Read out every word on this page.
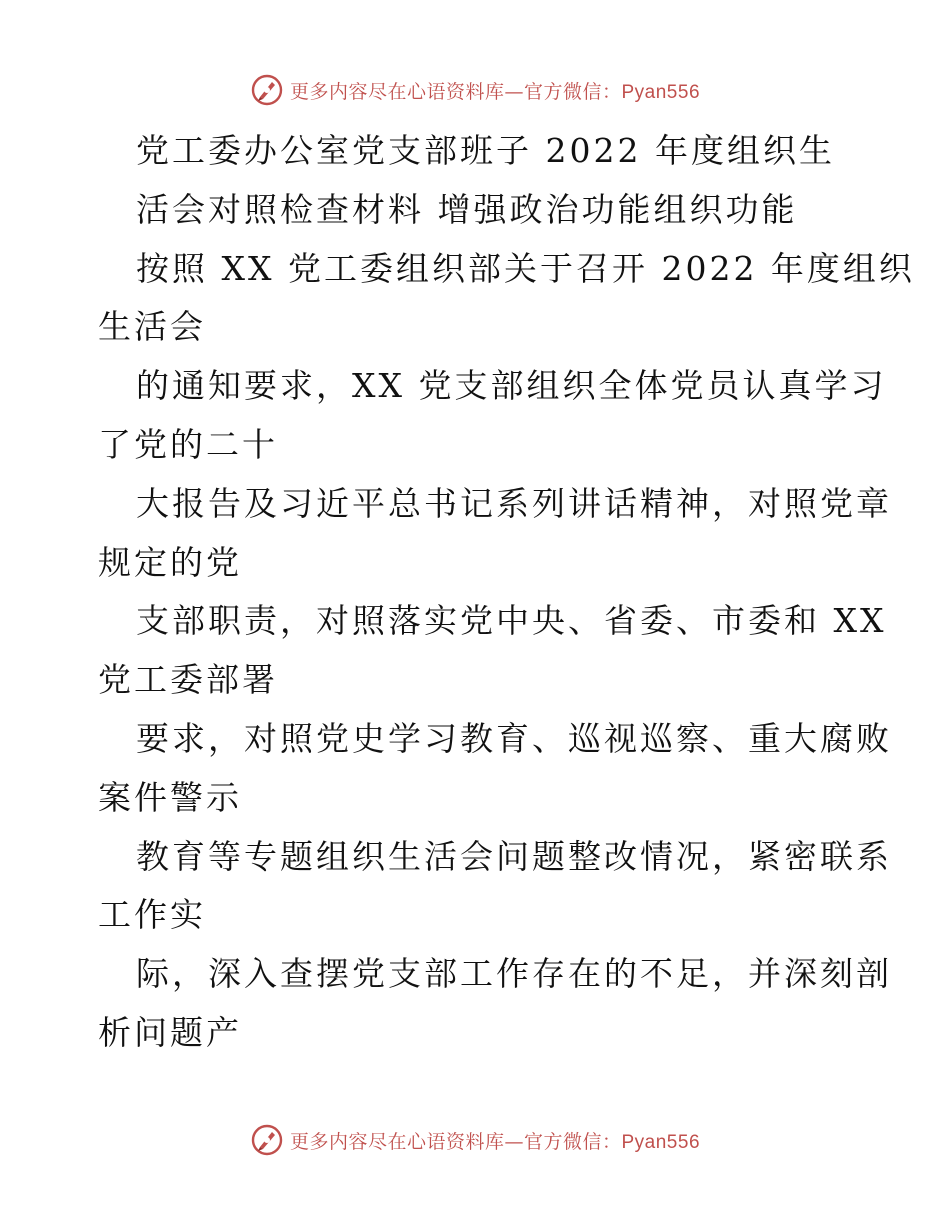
更多内容尽在心语资料库—官方微信：Pyan556
党工委办公室党支部班子 2022 年度组织生
活会对照检查材料 增强政治功能组织功能
按照 XX 党工委组织部关于召开 2022 年度组织
生活会
的通知要求，XX 党支部组织全体党员认真学习
了党的二十
大报告及习近平总书记系列讲话精神，对照党章
规定的党
支部职责，对照落实党中央、省委、市委和 XX
党工委部署
要求，对照党史学习教育、巡视巡察、重大腐败
案件警示
教育等专题组织生活会问题整改情况，紧密联系
工作实
际，深入查摆党支部工作存在的不足，并深刻剖
析问题产
更多内容尽在心语资料库—官方微信：Pyan556
